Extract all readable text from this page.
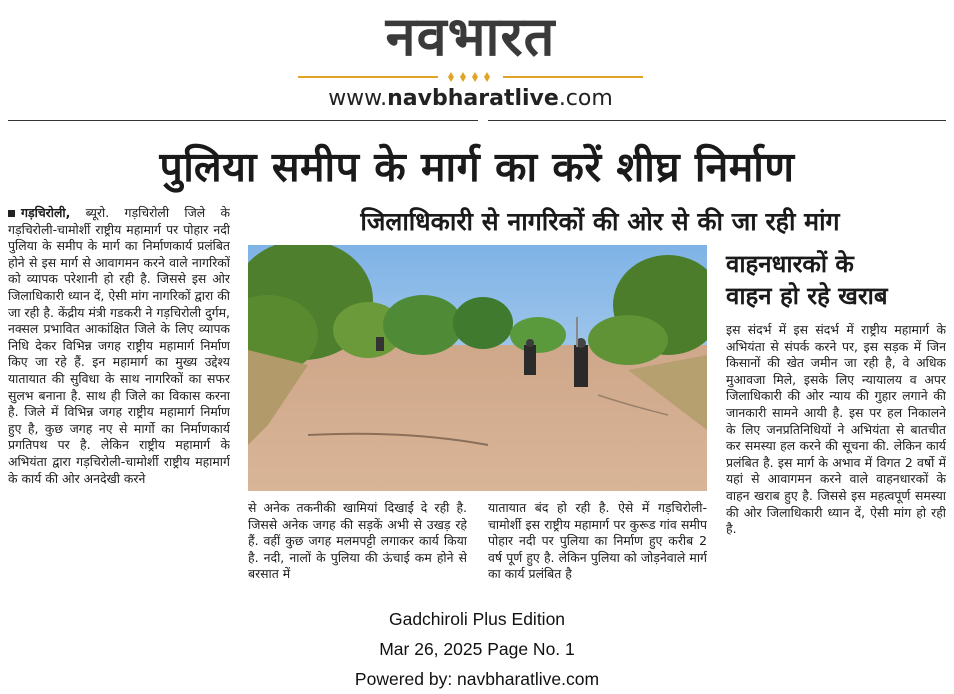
नवभारत
www.navbharatlive.com
पुलिया समीप के मार्ग का करें शीघ्र निर्माण
जिलाधिकारी से नागरिकों की ओर से की जा रही मांग

गड़चिरोली, ब्यूरो. गड़चिरोली जिले के गड़चिरोली-चामोर्शी राष्ट्रीय महामार्ग पर पोहार नदी पुलिया के समीप के मार्ग का निर्माणकार्य प्रलंबित होने से इस मार्ग से आवागमन करने वाले नागरिकों को व्यापक परेशानी हो रही है. जिससे इस ओर जिलाधिकारी ध्यान दें, ऐसी मांग नागरिकों द्वारा की जा रही है. केंद्रीय मंत्री गडकरी ने गड़चिरोली दुर्गम, नक्सल प्रभावित आकांक्षित जिले के लिए व्यापक निधि देकर विभिन्न जगह राष्ट्रीय महामार्ग निर्माण किए जा रहे हैं. इन महामार्ग का मुख्य उद्देश्य यातायात की सुविधा के साथ नागरिकों का सफर सुलभ बनाना है. साथ ही जिले का विकास करना है. जिले में विभिन्न जगह राष्ट्रीय महामार्ग निर्माण हुए है, कुछ जगह नए से मार्गो का निर्माणकार्य प्रगतिपथ पर है. लेकिन राष्ट्रीय महामार्ग के अभियंता द्वारा गड़चिरोली-चामोर्शी राष्ट्रीय महामार्ग के कार्य की ओर अनदेखी करने

वाहनधारकों के
वाहन हो रहे खराब

इस संदर्भ में इस संदर्भ में राष्ट्रीय महामार्ग के अभियंता से संपर्क करने पर, इस सड़क में जिन किसानों की खेत जमीन जा रही है, वे अधिक मुआवजा मिले, इसके लिए न्यायालय व अपर जिलाधिकारी की ओर न्याय की गुहार लगाने की जानकारी सामने आयी है. इस पर हल निकालने के लिए जनप्रतिनिधियों ने अभियंता से बातचीत कर समस्या हल करने की सूचना की. लेकिन कार्य प्रलंबित है. इस मार्ग के अभाव में विगत 2 वर्षो में यहां से आवागमन करने वाले वाहनधारकों के वाहन खराब हुए है. जिससे इस महत्वपूर्ण समस्या की ओर जिलाधिकारी ध्यान दें, ऐसी मांग हो रही है.

से अनेक तकनीकी खामियां दिखाई दे रही है. जिससे अनेक जगह की सड़कें अभी से उखड़ रहे हैं. वहीं कुछ जगह मलमपट्टी लगाकर कार्य किया है. नदी, नालों के पुलिया की ऊंचाई कम होने से बरसात में

यातायात बंद हो रही है. ऐसे में गड़चिरोली-चामोर्शी इस राष्ट्रीय महामार्ग पर कुरूड गांव समीप पोहार नदी पर पुलिया का निर्माण हुए करीब 2 वर्ष पूर्ण हुए है. लेकिन पुलिया को जोड़नेवाले मार्ग का कार्य प्रलंबित है

Gadchiroli Plus Edition
Mar 26, 2025 Page No. 1
Powered by: navbharatlive.com
